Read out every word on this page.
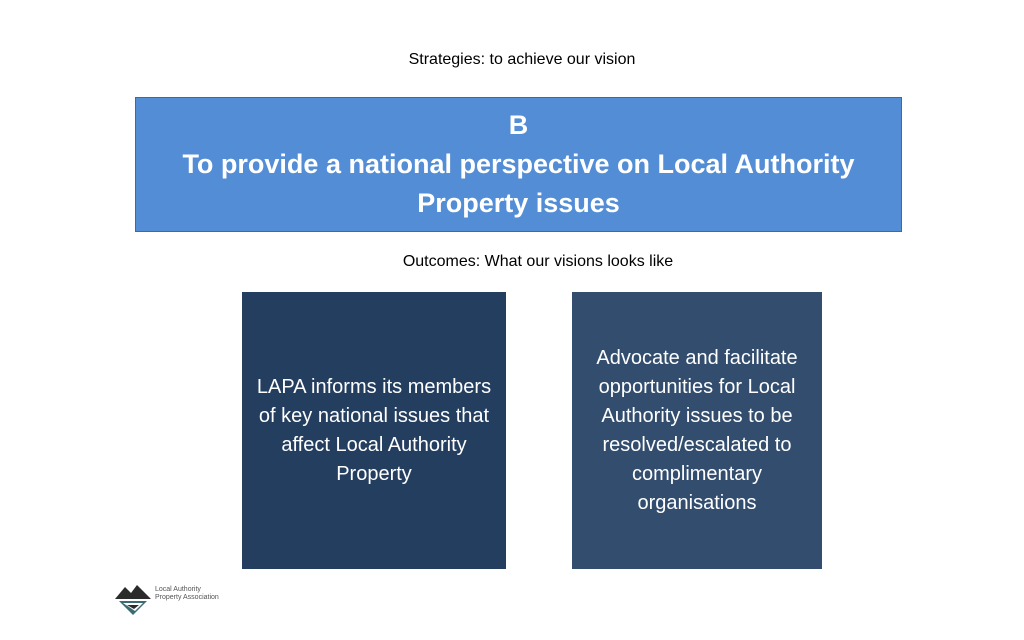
Strategies: to achieve our vision
B
To provide a national perspective on Local Authority Property issues
Outcomes: What our visions looks like
LAPA informs its members of key national issues that affect Local Authority Property
Advocate and facilitate opportunities for Local Authority issues to be resolved/escalated to complimentary organisations
Local Authority
Property Association
